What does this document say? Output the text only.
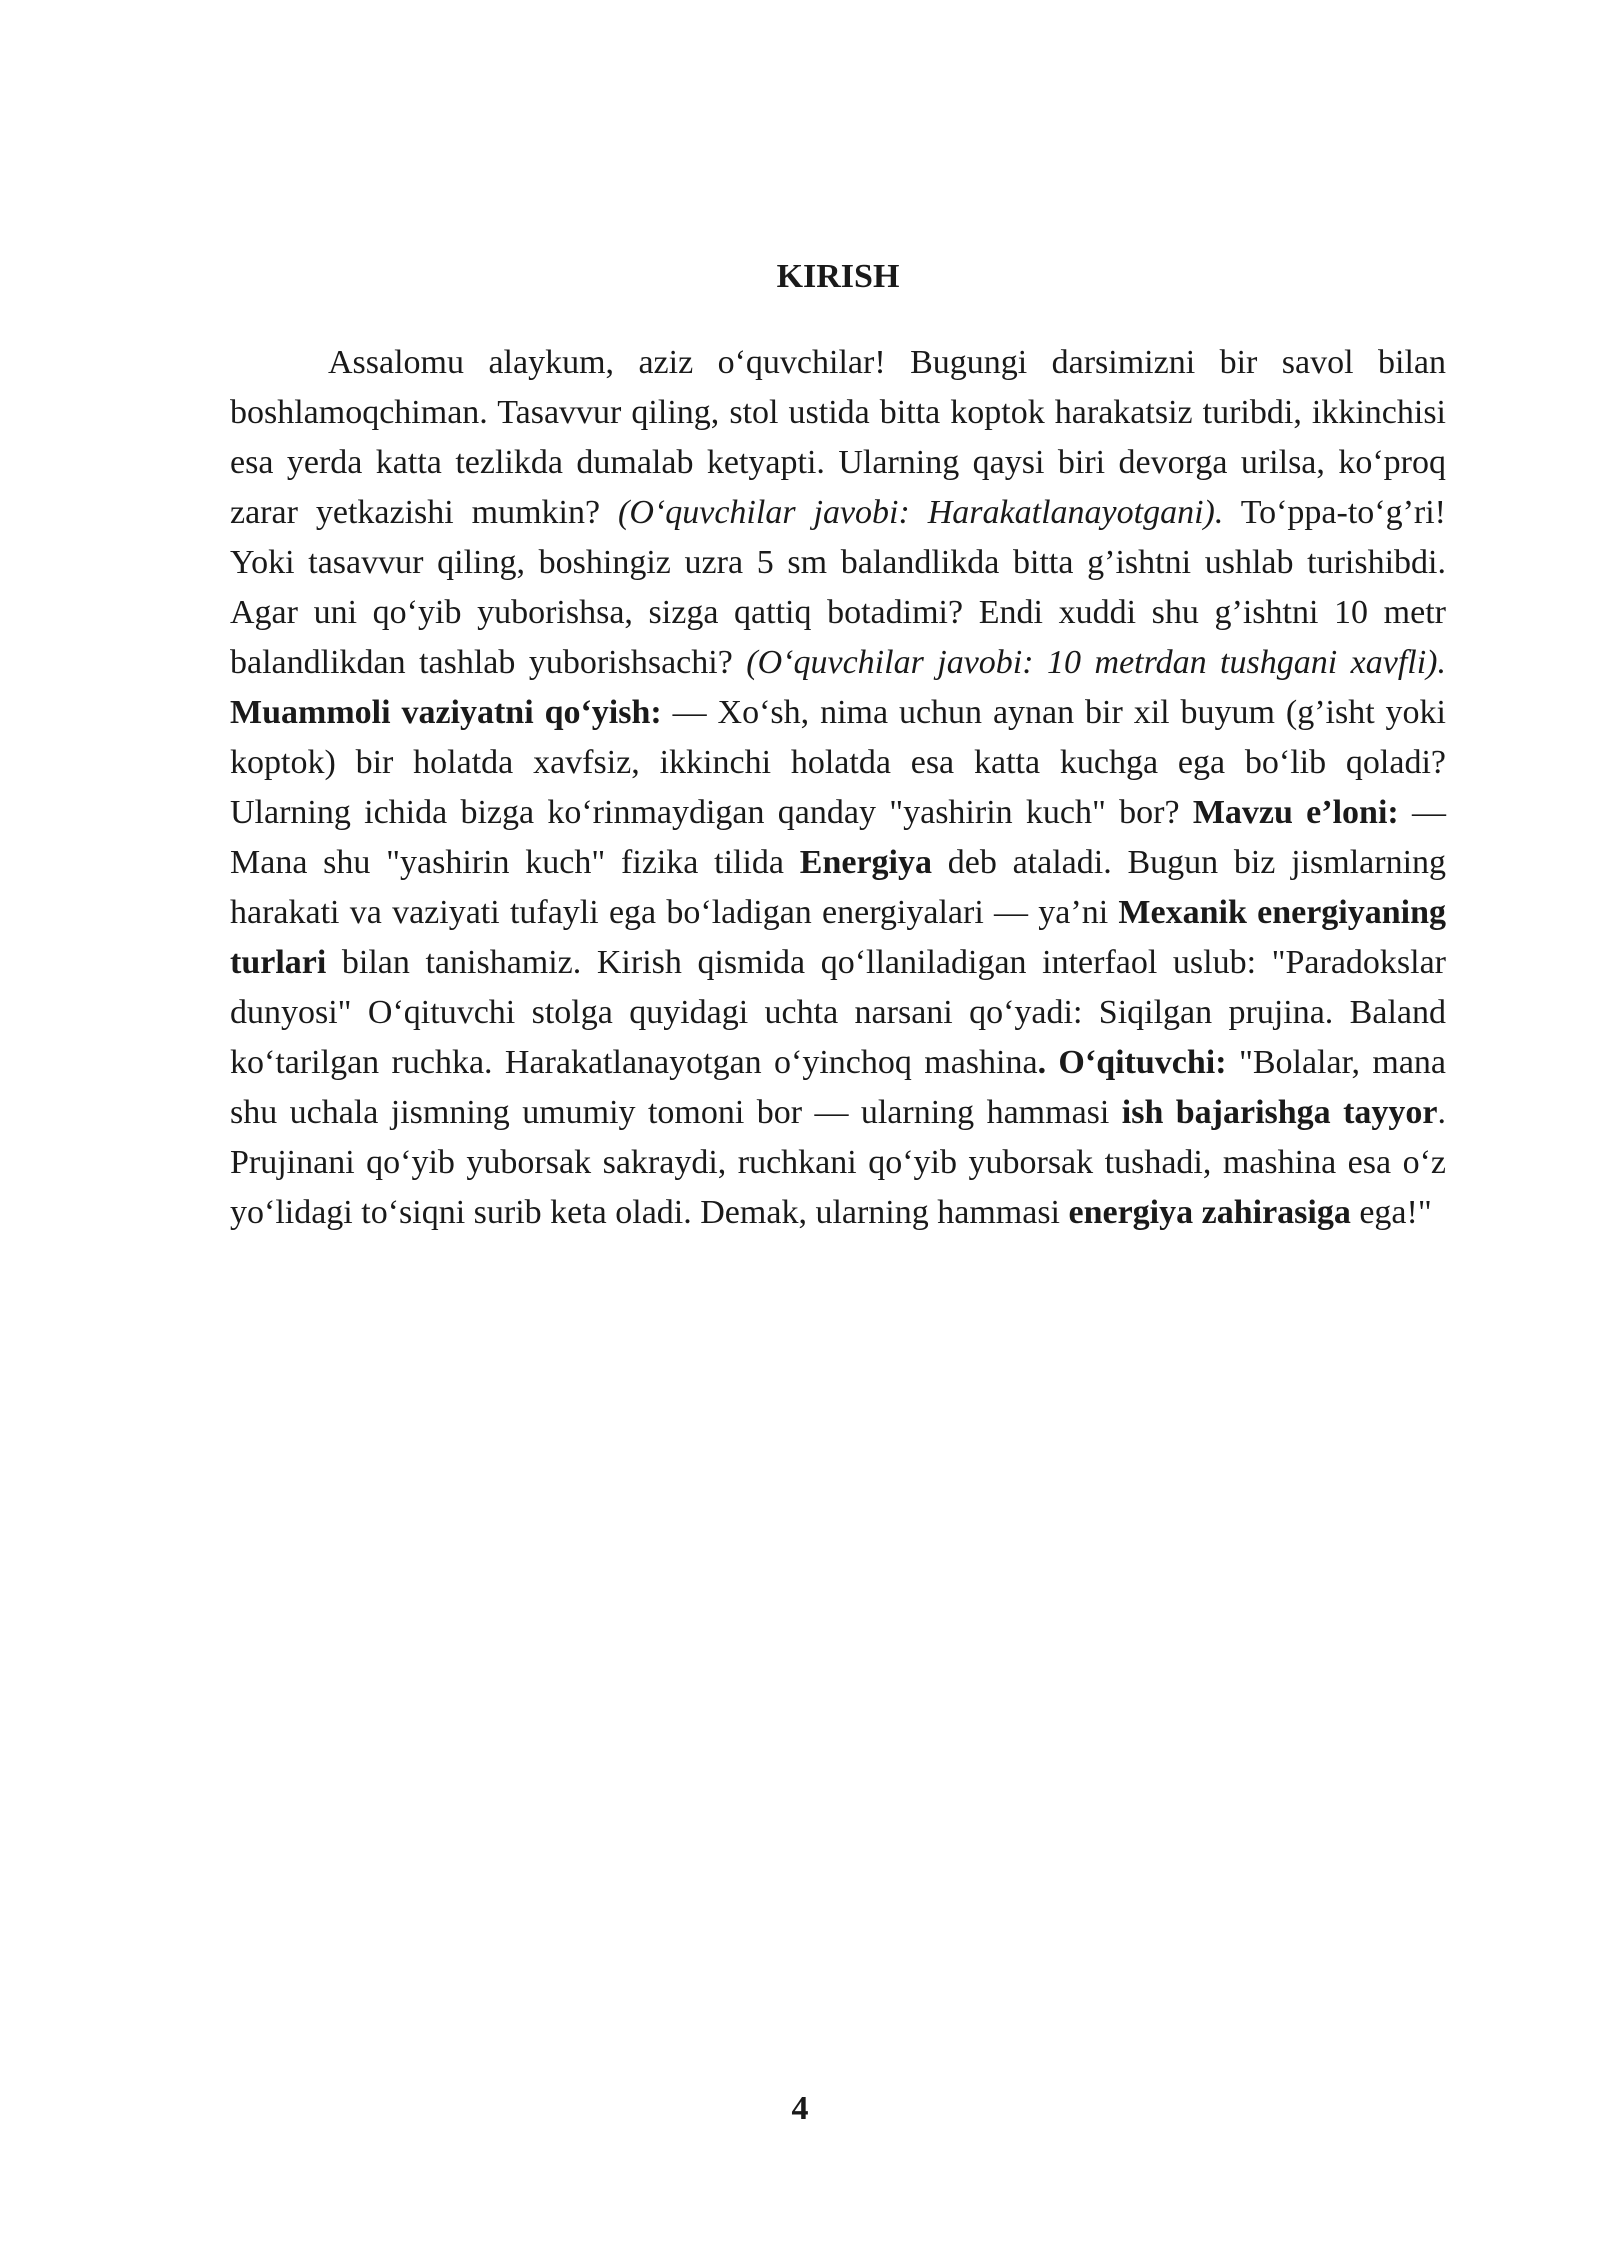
KIRISH

Assalomu alaykum, aziz o‘quvchilar! Bugungi darsimizni bir savol bilan boshlamoqchiman. Tasavvur qiling, stol ustida bitta koptok harakatsiz turibdi, ikkinchisi esa yerda katta tezlikda dumalab ketyapti. Ularning qaysi biri devorga urilsa, ko‘proq zarar yetkazishi mumkin? (O‘quvchilar javobi: Harakatlanayotgani). To‘ppa-to‘g’ri! Yoki tasavvur qiling, boshingiz uzra 5 sm balandlikda bitta g’ishtni ushlab turishibdi. Agar uni qo‘yib yuborishsa, sizga qattiq botadimi? Endi xuddi shu g’ishtni 10 metr balandlikdan tashlab yuborishsachi? (O‘quvchilar javobi: 10 metrdan tushgani xavfli). Muammoli vaziyatni qo‘yish: — Xo‘sh, nima uchun aynan bir xil buyum (g’isht yoki koptok) bir holatda xavfsiz, ikkinchi holatda esa katta kuchga ega bo‘lib qoladi? Ularning ichida bizga ko‘rinmaydigan qanday "yashirin kuch" bor? Mavzu e’loni: — Mana shu "yashirin kuch" fizika tilida Energiya deb ataladi. Bugun biz jismlarning harakati va vaziyati tufayli ega bo‘ladigan energiyalari — ya’ni Mexanik energiyaning turlari bilan tanishamiz. Kirish qismida qo‘llaniladigan interfaol uslub: "Paradokslar dunyosi" O‘qituvchi stolga quyidagi uchta narsani qo‘yadi: Siqilgan prujina. Baland ko‘tarilgan ruchka. Harakatlanayotgan o‘yinchoq mashina. O‘qituvchi: "Bolalar, mana shu uchala jismning umumiy tomoni bor — ularning hammasi ish bajarishga tayyor. Prujinani qo‘yib yuborsak sakraydi, ruchkani qo‘yib yuborsak tushadi, mashina esa o‘z yo‘lidagi to‘siqni surib keta oladi. Demak, ularning hammasi energiya zahirasiga ega!"

4
